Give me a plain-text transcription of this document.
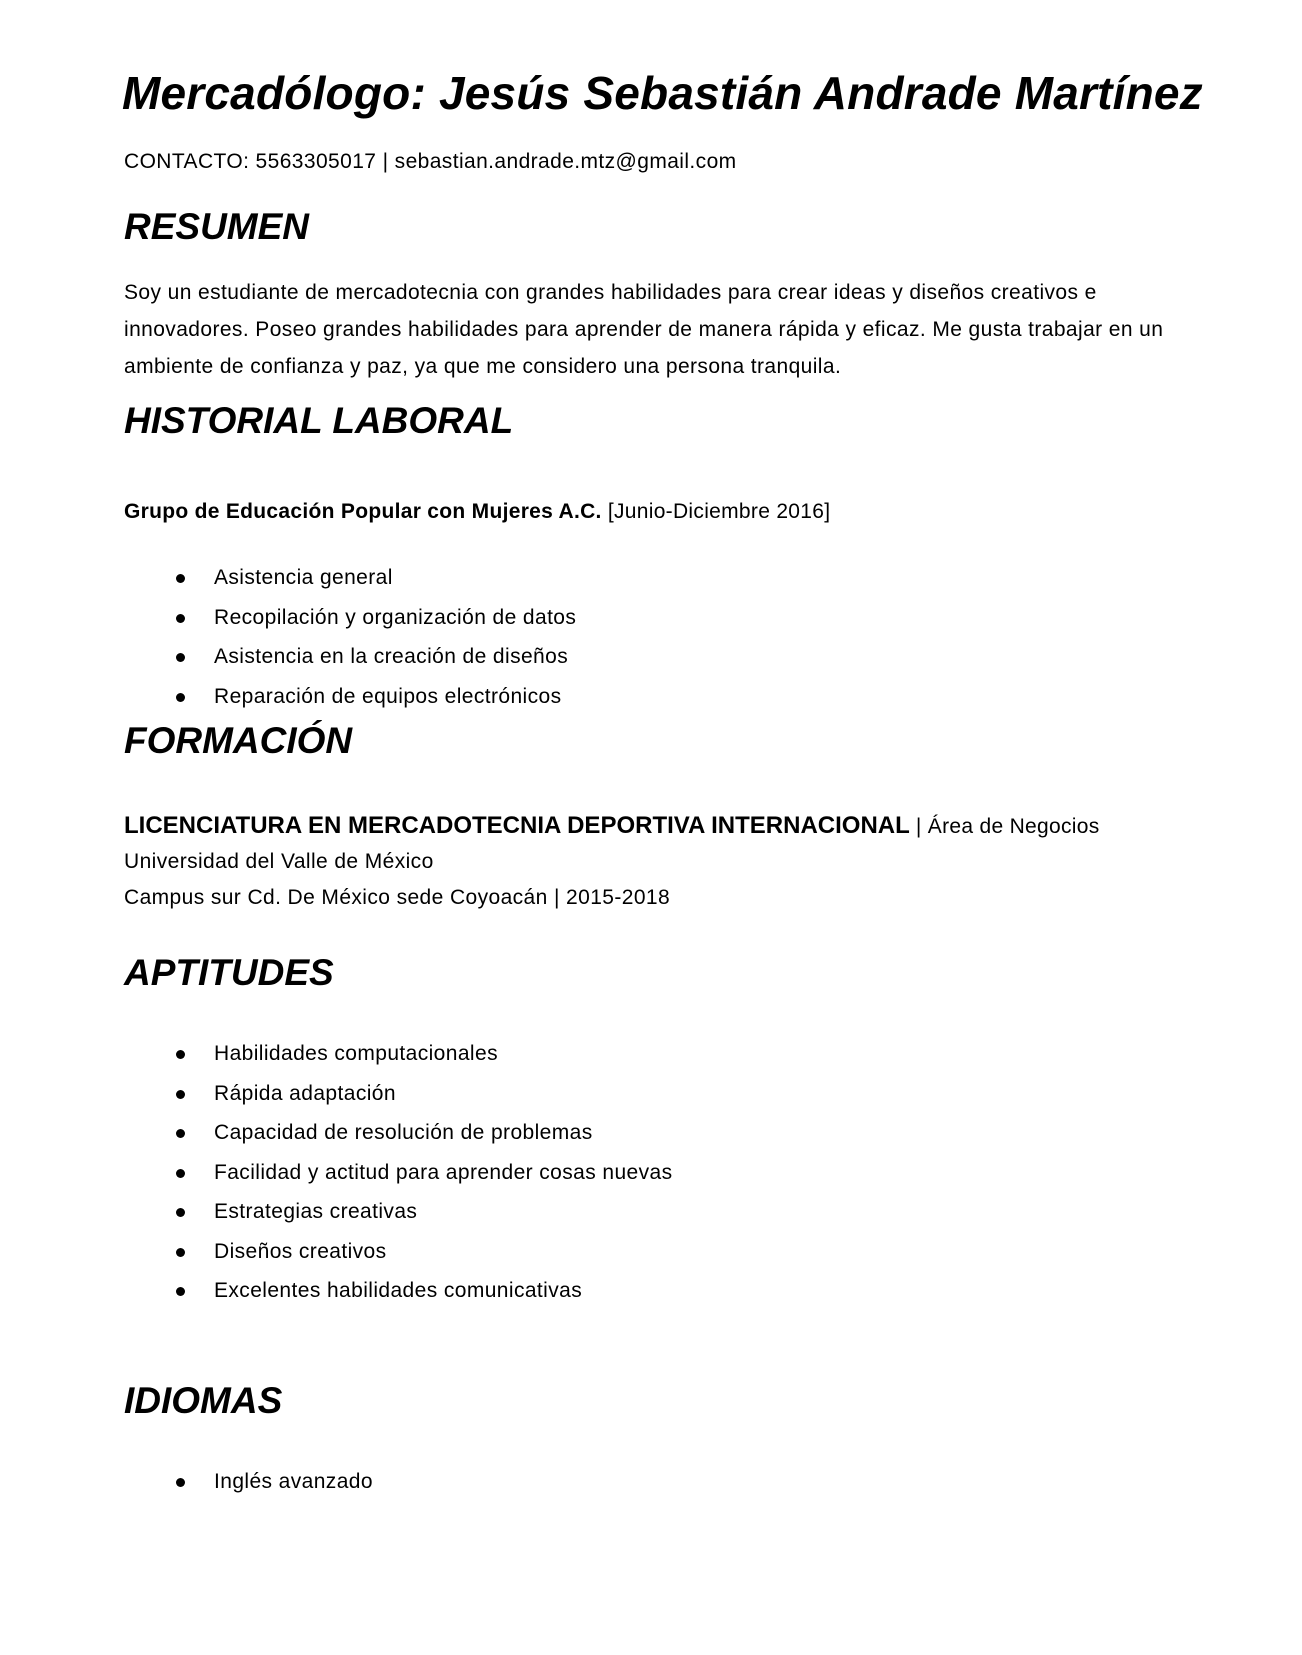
Mercadólogo: Jesús Sebastián Andrade Martínez
CONTACTO: 5563305017 | sebastian.andrade.mtz@gmail.com
RESUMEN

Soy un estudiante de mercadotecnia con grandes habilidades para crear ideas y diseños creativos e innovadores. Poseo grandes habilidades para aprender de manera rápida y eficaz. Me gusta trabajar en un ambiente de confianza y paz, ya que me considero una persona tranquila.

HISTORIAL LABORAL
Grupo de Educación Popular con Mujeres A.C. [Junio-Diciembre 2016]
Asistencia general
Recopilación y organización de datos
Asistencia en la creación de diseños
Reparación de equipos electrónicos
FORMACIÓN
LICENCIATURA EN MERCADOTECNIA DEPORTIVA INTERNACIONAL | Área de Negocios
Universidad del Valle de México
Campus sur Cd. De México sede Coyoacán | 2015-2018
APTITUDES
Habilidades computacionales
Rápida adaptación
Capacidad de resolución de problemas
Facilidad y actitud para aprender cosas nuevas
Estrategias creativas
Diseños creativos
Excelentes habilidades comunicativas
IDIOMAS
Inglés avanzado
